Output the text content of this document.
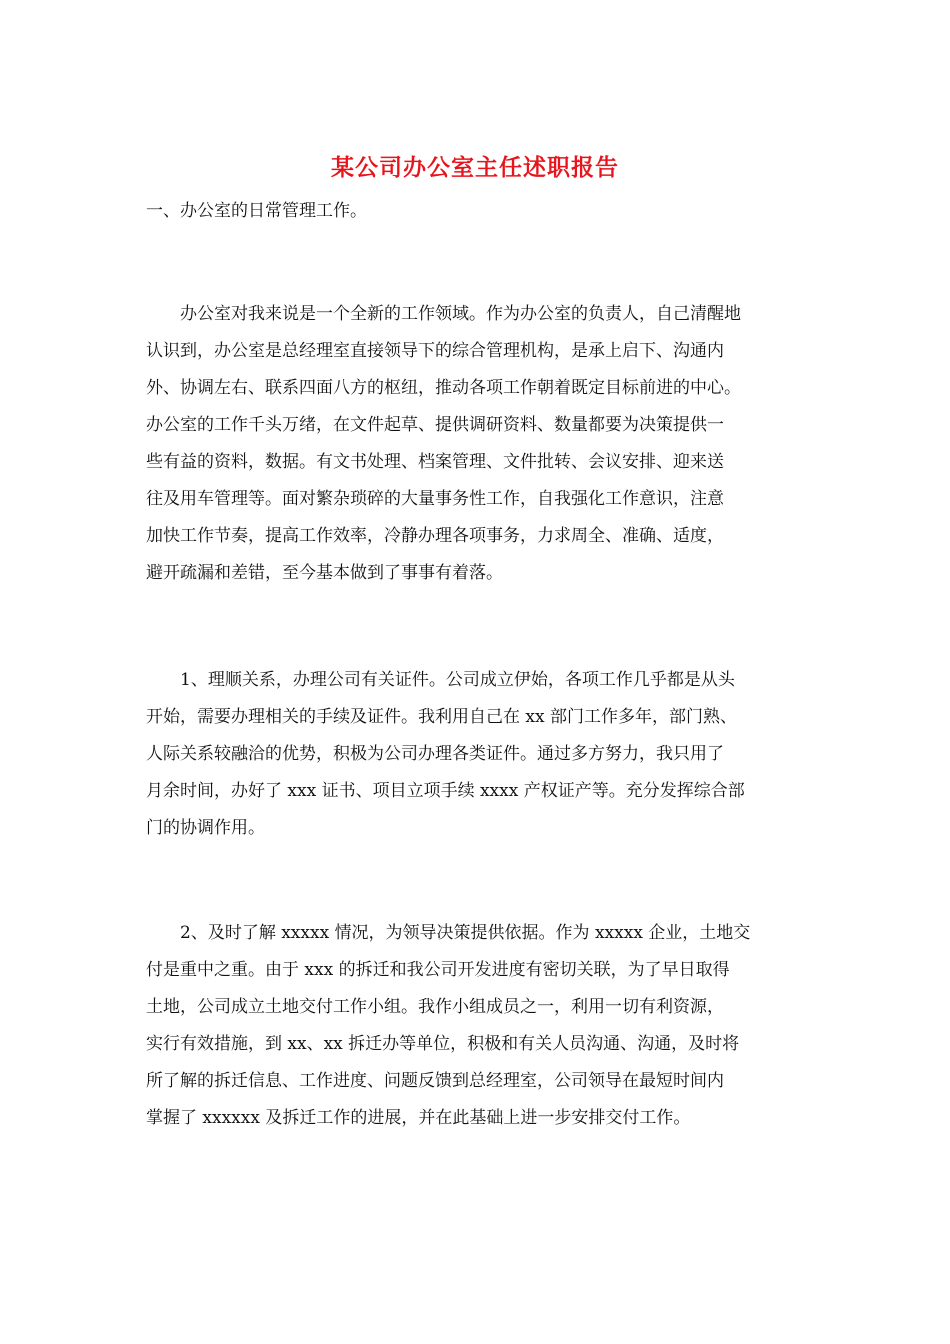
某公司办公室主任述职报告
一、办公室的日常管理工作。
　　办公室对我来说是一个全新的工作领域。作为办公室的负责人，自己清醒地
认识到，办公室是总经理室直接领导下的综合管理机构，是承上启下、沟通内
外、协调左右、联系四面八方的枢纽，推动各项工作朝着既定目标前进的中心。
办公室的工作千头万绪，在文件起草、提供调研资料、数量都要为决策提供一
些有益的资料，数据。有文书处理、档案管理、文件批转、会议安排、迎来送
往及用车管理等。面对繁杂琐碎的大量事务性工作，自我强化工作意识，注意
加快工作节奏，提高工作效率，冷静办理各项事务，力求周全、准确、适度，
避开疏漏和差错，至今基本做到了事事有着落。
　　1、理顺关系，办理公司有关证件。公司成立伊始，各项工作几乎都是从头
开始，需要办理相关的手续及证件。我利用自己在 xx 部门工作多年，部门熟、
人际关系较融洽的优势，积极为公司办理各类证件。通过多方努力，我只用了
月余时间，办好了 xxx 证书、项目立项手续 xxxx 产权证产等。充分发挥综合部
门的协调作用。
　　2、及时了解 xxxxx 情况，为领导决策提供依据。作为 xxxxx 企业，土地交
付是重中之重。由于 xxx 的拆迁和我公司开发进度有密切关联，为了早日取得
土地，公司成立土地交付工作小组。我作小组成员之一，利用一切有利资源，
实行有效措施，到 xx、xx 拆迁办等单位，积极和有关人员沟通、沟通，及时将
所了解的拆迁信息、工作进度、问题反馈到总经理室，公司领导在最短时间内
掌握了 xxxxxx 及拆迁工作的进展，并在此基础上进一步安排交付工作。
